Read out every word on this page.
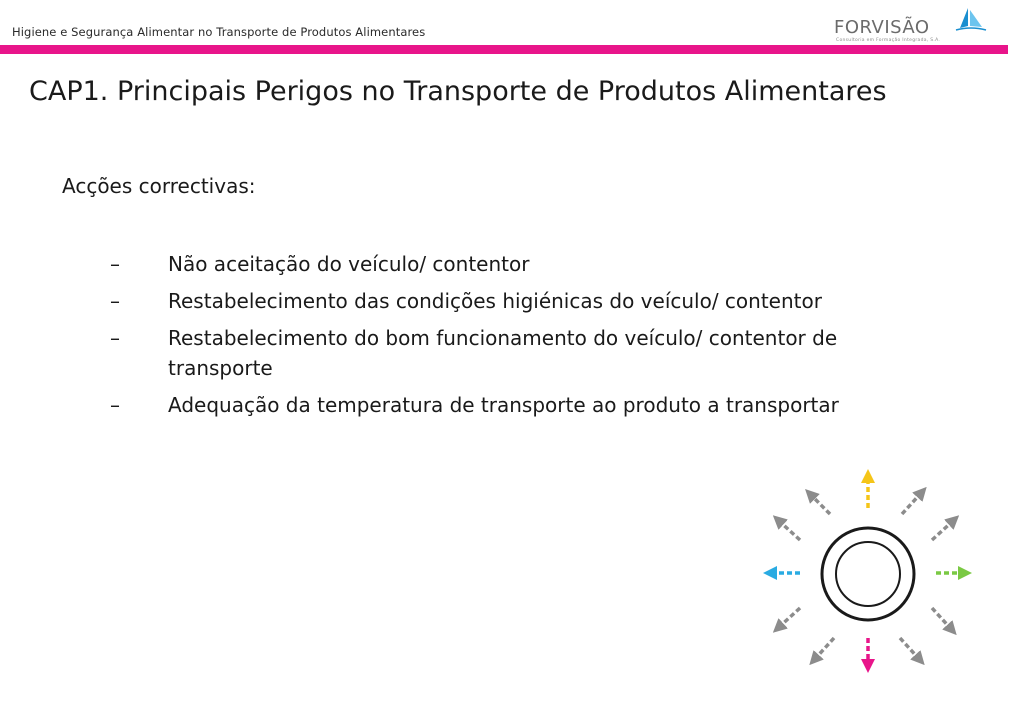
Higiene e Segurança Alimentar no Transporte de Produtos Alimentares	FORVISÃO
Consultoria em Formação Integrada, S.A.
CAP1. Principais Perigos no Transporte de Produtos Alimentares
Acções correctivas:
– Não aceitação do veículo/ contentor
– Restabelecimento das condições higiénicas do veículo/ contentor
– Restabelecimento do bom funcionamento do veículo/ contentor de transporte
– Adequação da temperatura de transporte ao produto a transportar
